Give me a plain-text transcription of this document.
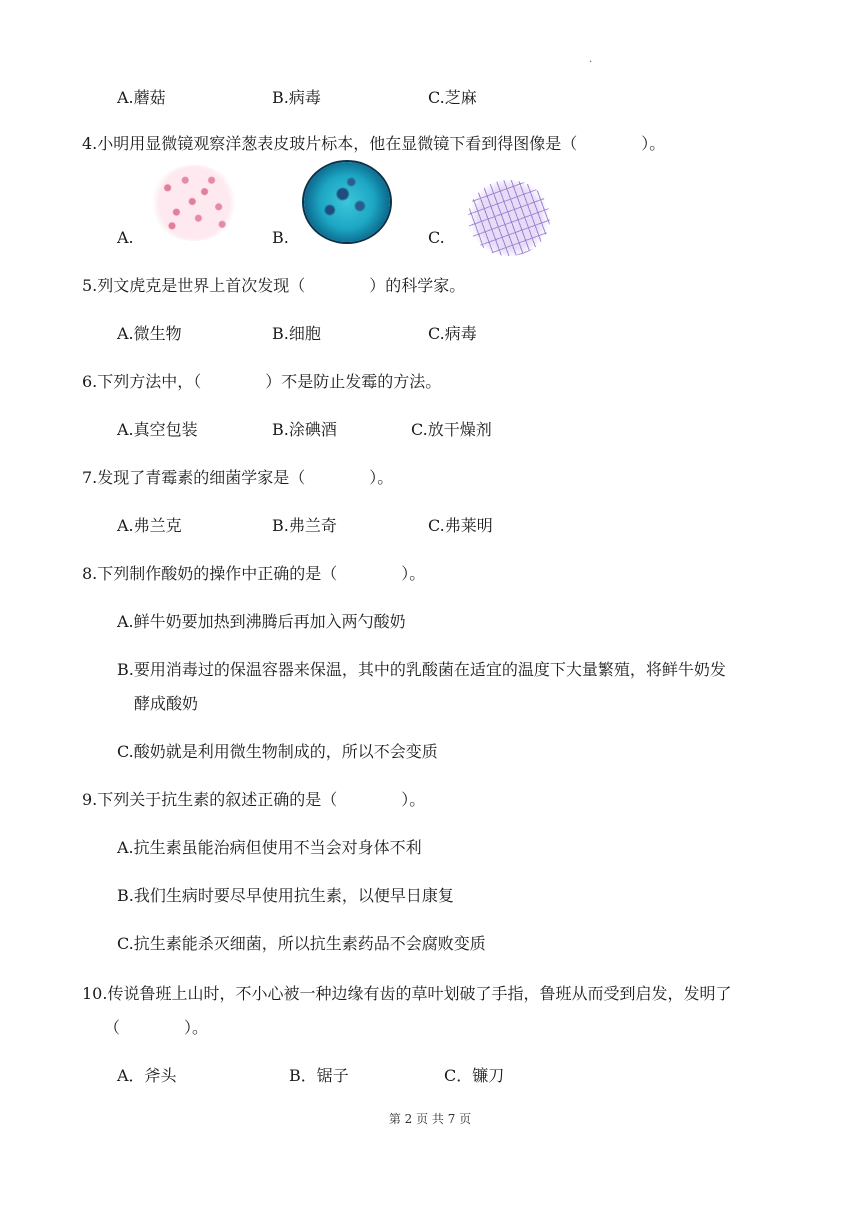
.
A.蘑菇	B.病毒	C.芝麻
4.小明用显微镜观察洋葱表皮玻片标本，他在显微镜下看到得图像是（　　　　）。
A.	B.	C.
5.列文虎克是世界上首次发现（　　　　）的科学家。
A.微生物	B.细胞	C.病毒
6.下列方法中，（　　　　）不是防止发霉的方法。
A.真空包装	B.涂碘酒	C.放干燥剂
7.发现了青霉素的细菌学家是（　　　　）。
A.弗兰克	B.弗兰奇	C.弗莱明
8.下列制作酸奶的操作中正确的是（　　　　）。
A.鲜牛奶要加热到沸腾后再加入两勺酸奶
B.要用消毒过的保温容器来保温，其中的乳酸菌在适宜的温度下大量繁殖，将鲜牛奶发
酵成酸奶
C.酸奶就是利用微生物制成的，所以不会变质
9.下列关于抗生素的叙述正确的是（　　　　）。
A.抗生素虽能治病但使用不当会对身体不利
B.我们生病时要尽早使用抗生素，以便早日康复
C.抗生素能杀灭细菌，所以抗生素药品不会腐败变质
10.传说鲁班上山时，不小心被一种边缘有齿的草叶划破了手指，鲁班从而受到启发，发明了
（　　　　）。
A．斧头	B．锯子	C．镰刀
第 2 页 共 7 页
